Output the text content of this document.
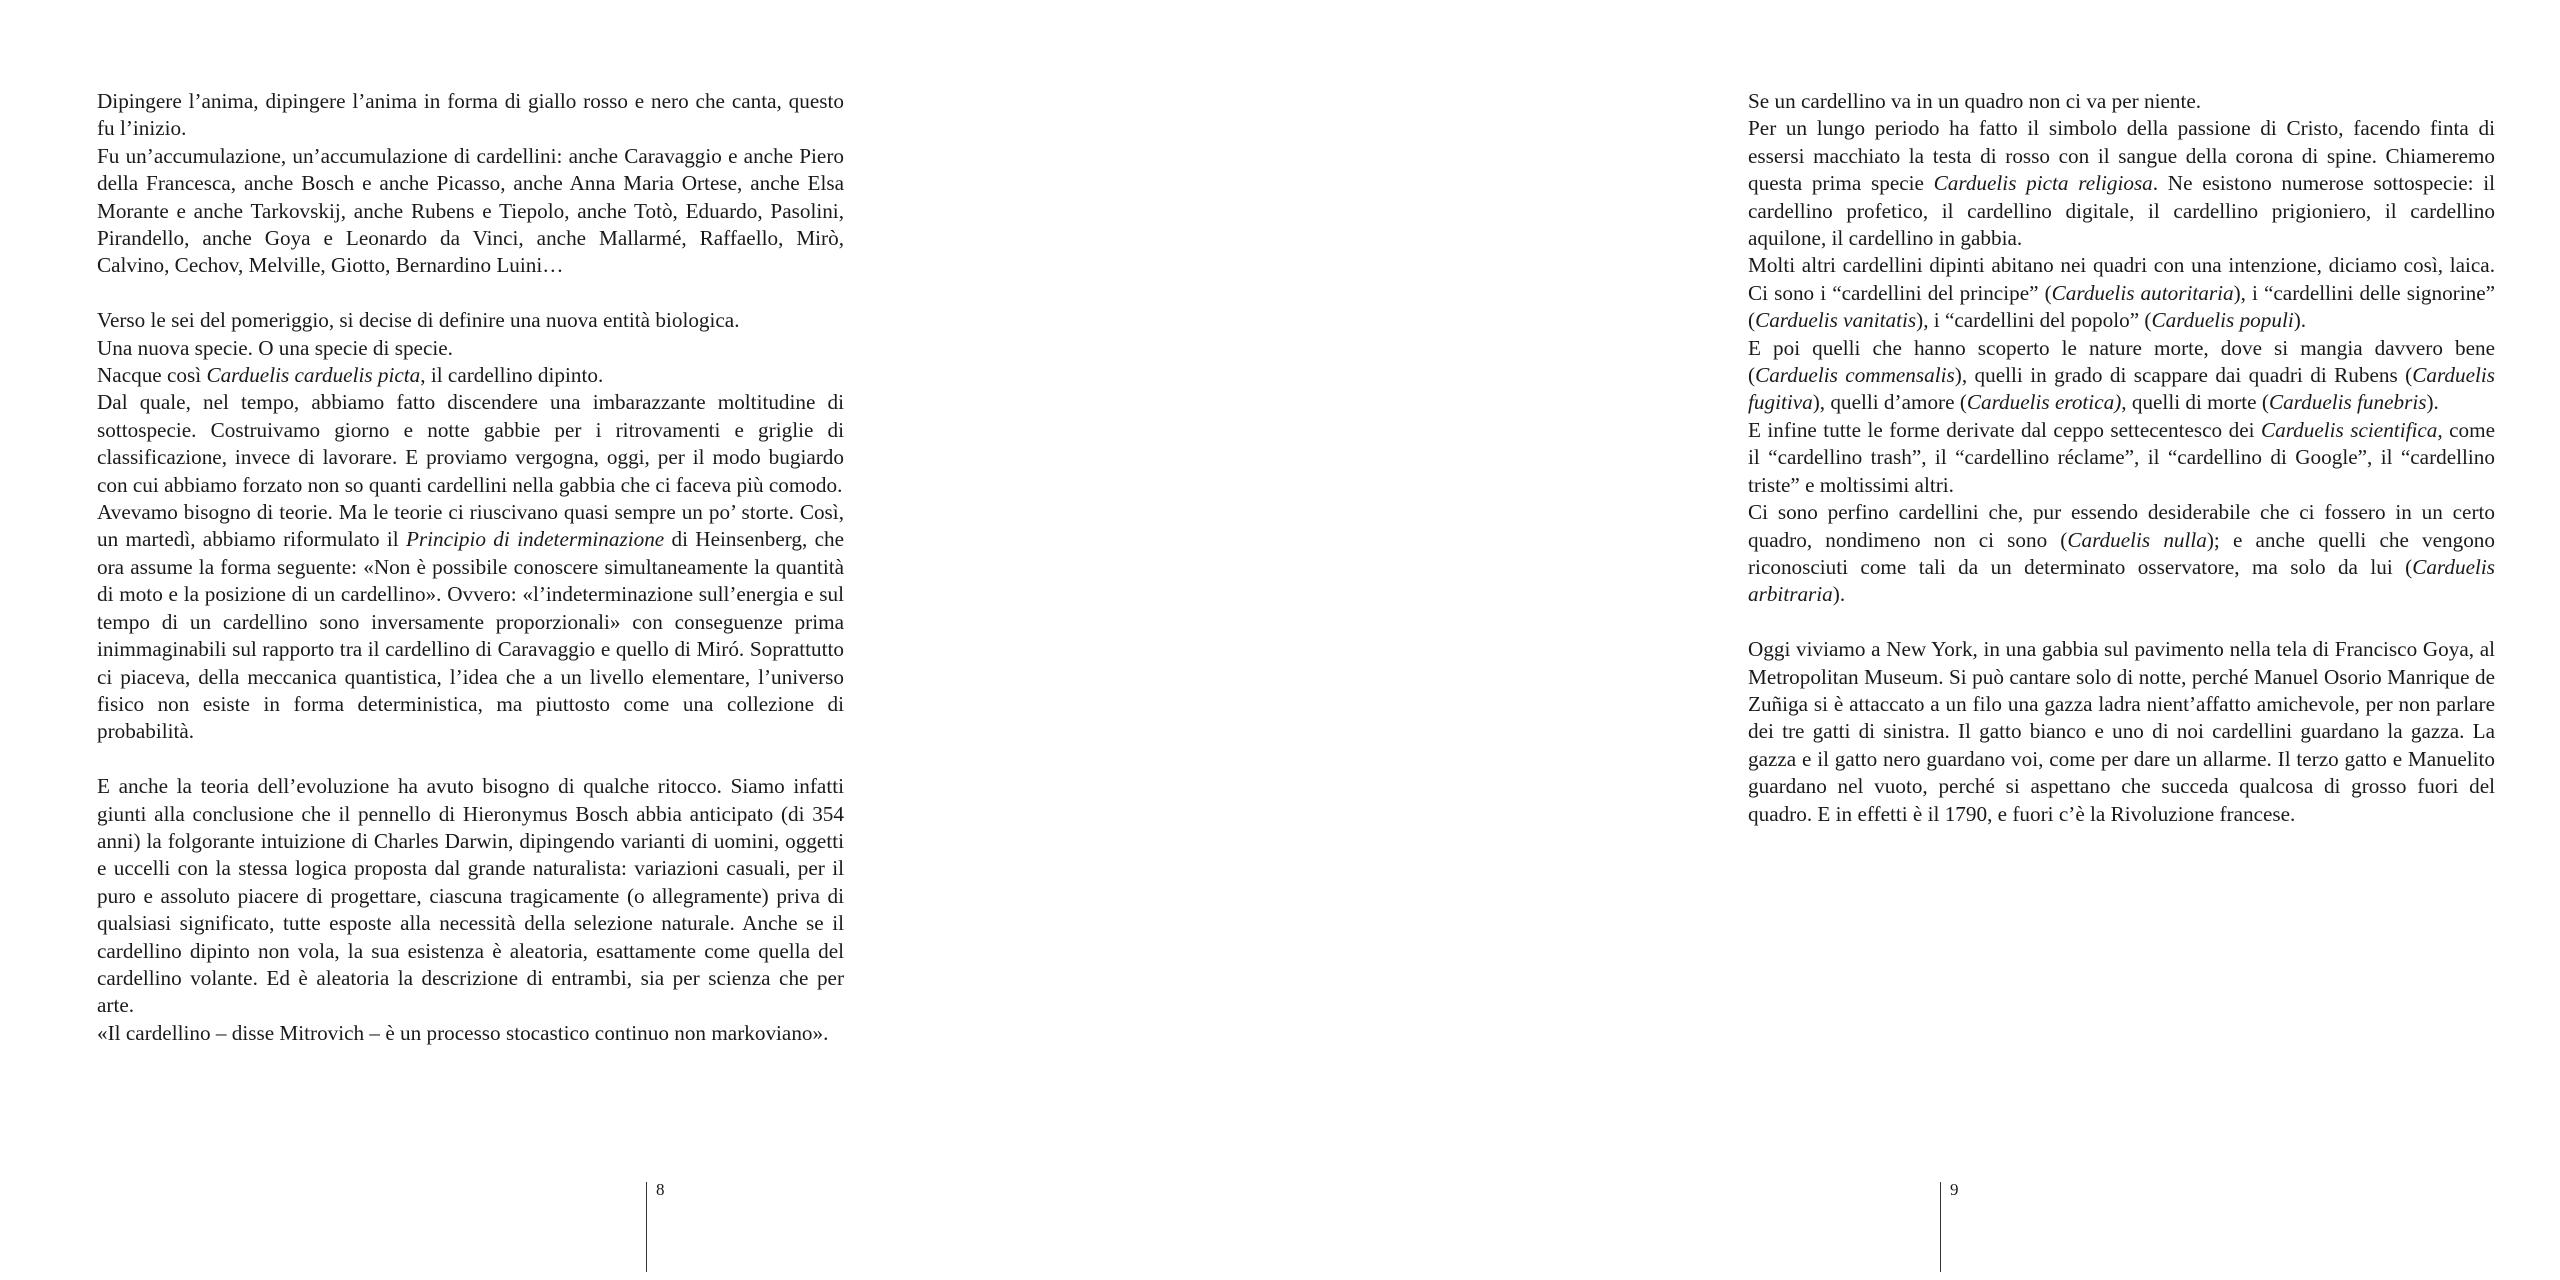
Dipingere l’anima, dipingere l’anima in forma di giallo rosso e nero che canta, questo fu l’inizio.

Fu un’accumulazione, un’accumulazione di cardellini: anche Caravaggio e anche Piero della Francesca, anche Bosch e anche Picasso, anche Anna Maria Ortese, anche Elsa Morante e anche Tarkovskij, anche Rubens e Tiepolo, anche Totò, Eduardo, Pasolini, Pirandello, anche Goya e Leonardo da Vinci, anche Mallarmé, Raffaello, Mirò, Calvino, Cechov, Melville, Giotto, Bernardino Luini…

Verso le sei del pomeriggio, si decise di definire una nuova entità biologica.

Una nuova specie. O una specie di specie.

Nacque così Carduelis carduelis picta, il cardellino dipinto.

Dal quale, nel tempo, abbiamo fatto discendere una imbarazzante moltitudine di sottospecie. Costruivamo giorno e notte gabbie per i ritrovamenti e griglie di classificazione, invece di lavorare. E proviamo vergogna, oggi, per il modo bugiardo con cui abbiamo forzato non so quanti cardellini nella gabbia che ci faceva più comodo.

Avevamo bisogno di teorie. Ma le teorie ci riuscivano quasi sempre un po’ storte. Così, un martedì, abbiamo riformulato il Principio di indeterminazione di Heinsenberg, che ora assume la forma seguente: «Non è possibile conoscere simultaneamente la quantità di moto e la posizione di un cardellino». Ovvero: «l’indeterminazione sull’energia e sul tempo di un cardellino sono inversamente proporzionali» con conseguenze prima inimmaginabili sul rapporto tra il cardellino di Caravaggio e quello di Miró. Soprattutto ci piaceva, della meccanica quantistica, l’idea che a un livello elementare, l’universo fisico non esiste in forma deterministica, ma piuttosto come una collezione di probabilità.

E anche la teoria dell’evoluzione ha avuto bisogno di qualche ritocco. Siamo infatti giunti alla conclusione che il pennello di Hieronymus Bosch abbia anticipato (di 354 anni) la folgorante intuizione di Charles Darwin, dipingendo varianti di uomini, oggetti e uccelli con la stessa logica proposta dal grande naturalista: variazioni casuali, per il puro e assoluto piacere di progettare, ciascuna tragicamente (o allegramente) priva di qualsiasi significato, tutte esposte alla necessità della selezione naturale. Anche se il cardellino dipinto non vola, la sua esistenza è aleatoria, esattamente come quella del cardellino volante. Ed è aleatoria la descrizione di entrambi, sia per scienza che per arte.

«Il cardellino – disse Mitrovich – è un processo stocastico continuo non markoviano».

8

Se un cardellino va in un quadro non ci va per niente.

Per un lungo periodo ha fatto il simbolo della passione di Cristo, facendo finta di essersi macchiato la testa di rosso con il sangue della corona di spine. Chiameremo questa prima specie Carduelis picta religiosa. Ne esistono numerose sottospecie: il cardellino profetico, il cardellino digitale, il cardellino prigioniero, il cardellino aquilone, il cardellino in gabbia.

Molti altri cardellini dipinti abitano nei quadri con una intenzione, diciamo così, laica. Ci sono i “cardellini del principe” (Carduelis autoritaria), i “cardellini delle signorine” (Carduelis vanitatis), i “cardellini del popolo” (Carduelis populi).

E poi quelli che hanno scoperto le nature morte, dove si mangia davvero bene (Carduelis commensalis), quelli in grado di scappare dai quadri di Rubens (Carduelis fugitiva), quelli d’amore (Carduelis erotica), quelli di morte (Carduelis funebris).

E infine tutte le forme derivate dal ceppo settecentesco dei Carduelis scientifica, come il “cardellino trash”, il “cardellino réclame”, il “cardellino di Google”, il “cardellino triste” e moltissimi altri.

Ci sono perfino cardellini che, pur essendo desiderabile che ci fossero in un certo quadro, nondimeno non ci sono (Carduelis nulla); e anche quelli che vengono riconosciuti come tali da un determinato osservatore, ma solo da lui (Carduelis arbitraria).

Oggi viviamo a New York, in una gabbia sul pavimento nella tela di Francisco Goya, al Metropolitan Museum. Si può cantare solo di notte, perché Manuel Osorio Manrique de Zuñiga si è attaccato a un filo una gazza ladra nient’affatto amichevole, per non parlare dei tre gatti di sinistra. Il gatto bianco e uno di noi cardellini guardano la gazza. La gazza e il gatto nero guardano voi, come per dare un allarme. Il terzo gatto e Manuelito guardano nel vuoto, perché si aspettano che succeda qualcosa di grosso fuori del quadro. E in effetti è il 1790, e fuori c’è la Rivoluzione francese.

9
